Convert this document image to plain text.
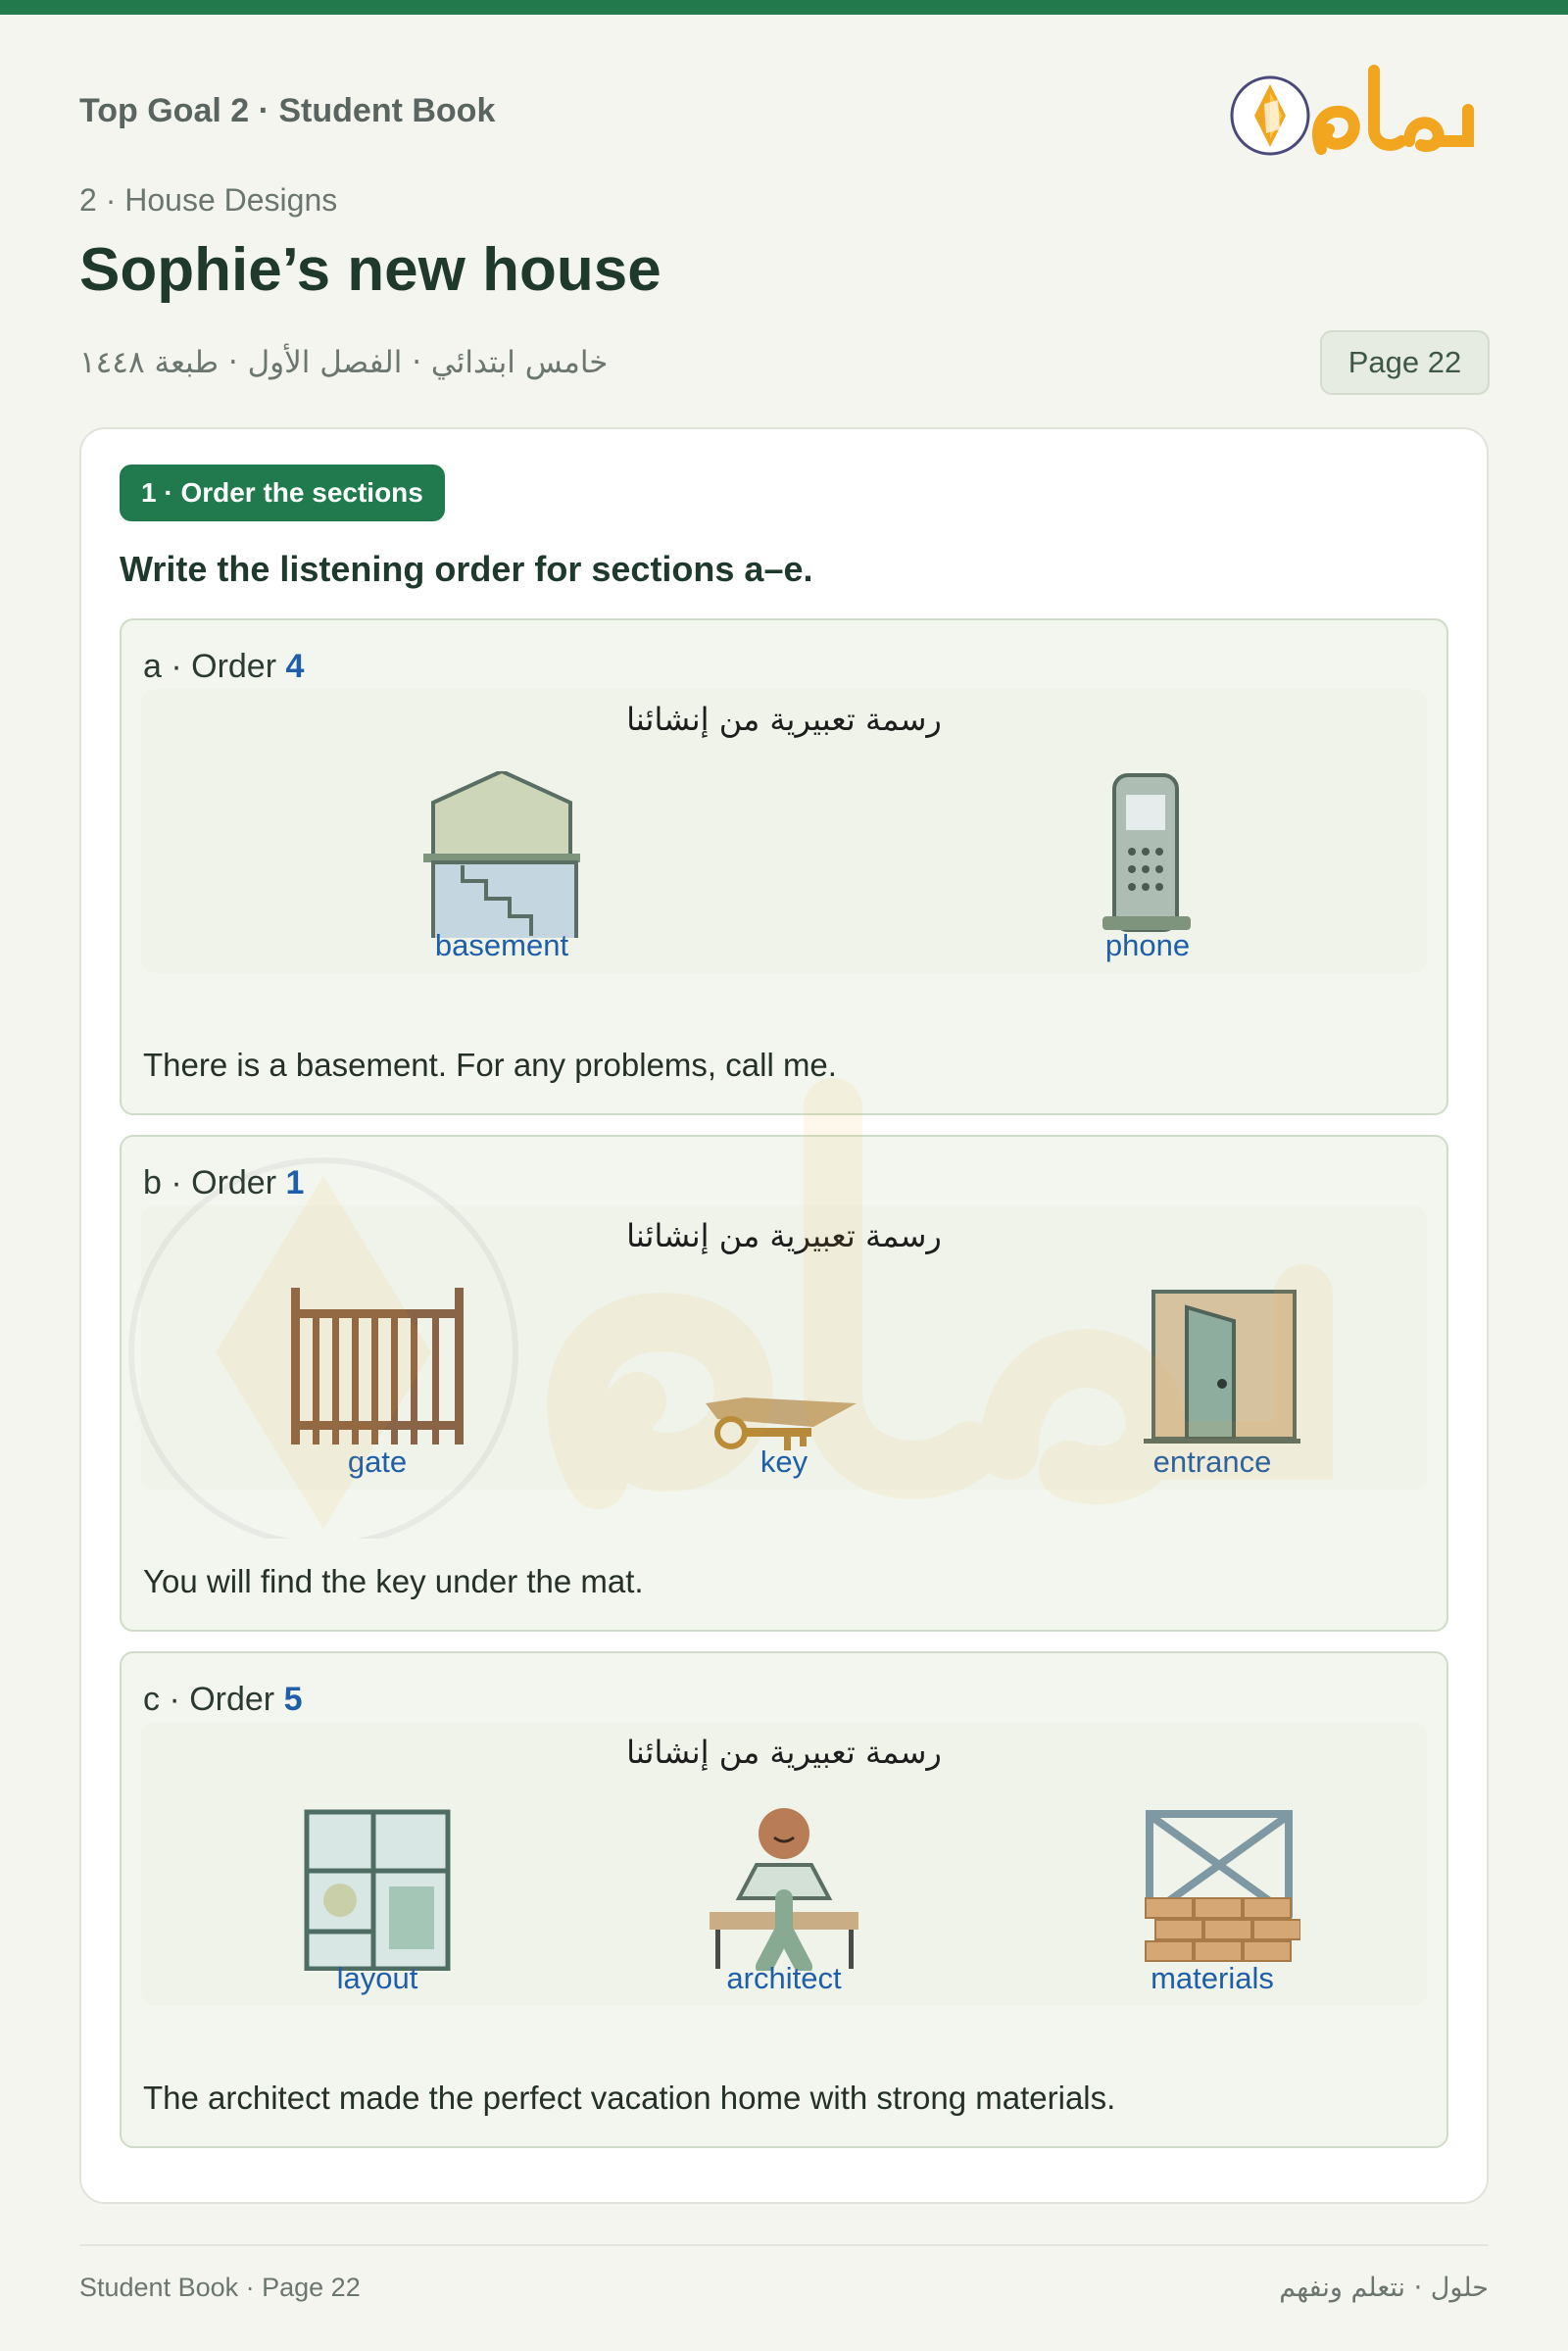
Top Goal 2 · Student Book
2 · House Designs
Sophie’s new house
خامس ابتدائي · الفصل الأول · طبعة ١٤٤٨	Page 22
1 · Order the sections
Write the listening order for sections a–e.
a · Order 4
رسمة تعبيرية من إنشائنا
basement	phone
There is a basement. For any problems, call me.
b · Order 1
رسمة تعبيرية من إنشائنا
gate	key	entrance
You will find the key under the mat.
c · Order 5
رسمة تعبيرية من إنشائنا
layout	architect	materials
The architect made the perfect vacation home with strong materials.
Student Book · Page 22	حلول · نتعلم ونفهم
